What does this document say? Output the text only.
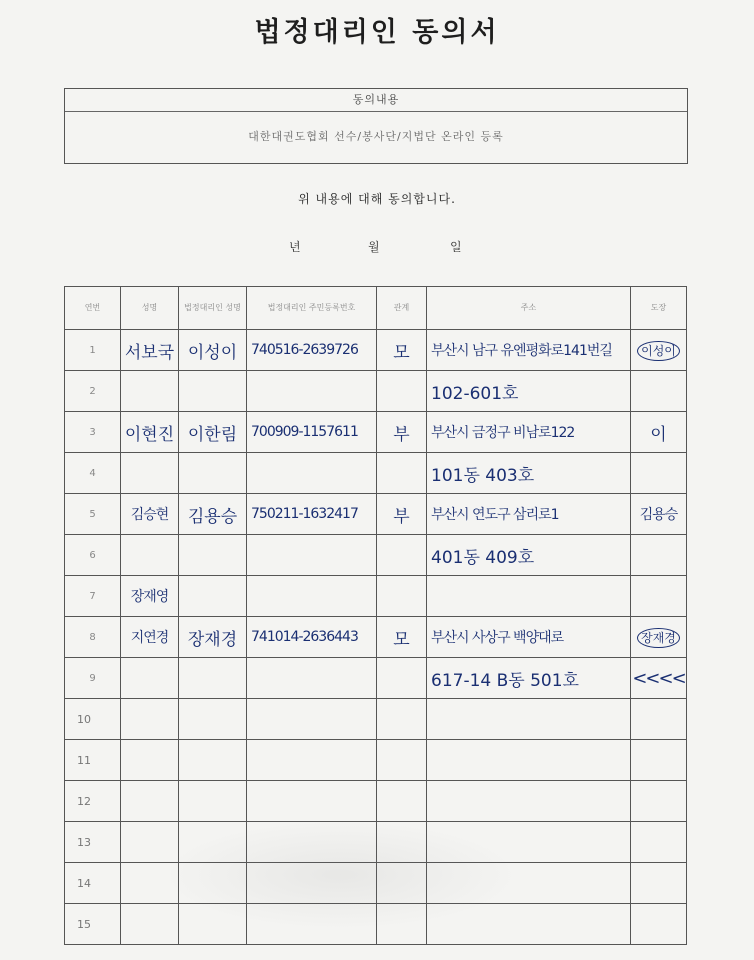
법정대리인 동의서
동의내용
대한대권도협회 선수/봉사단/지법단 온라인 등록
위 내용에 대해 동의합니다.
년	월	일
연번	성명	법정대리인 성명	법정대리인 주민등록번호	관계	주소	도장
1	서보국	이성이	740516-2639726	모	부산시 남구 유엔평화로141번길	이성이
2					102-601호	
3	이현진	이한림	700909-1157611	부	부산시 금정구 비남로122	이
4					101동 403호	
5	김승현	김용승	750211-1632417	부	부산시 연도구 삼리로1	김용승
6					401동 409호	
7	장재영					
8	지연경	장재경	741014-2636443	모	부산시 사상구 백양대로	장재경
9					617-14 B동 501호	<<<<
10						
11						
12						
13						
14						
15						
